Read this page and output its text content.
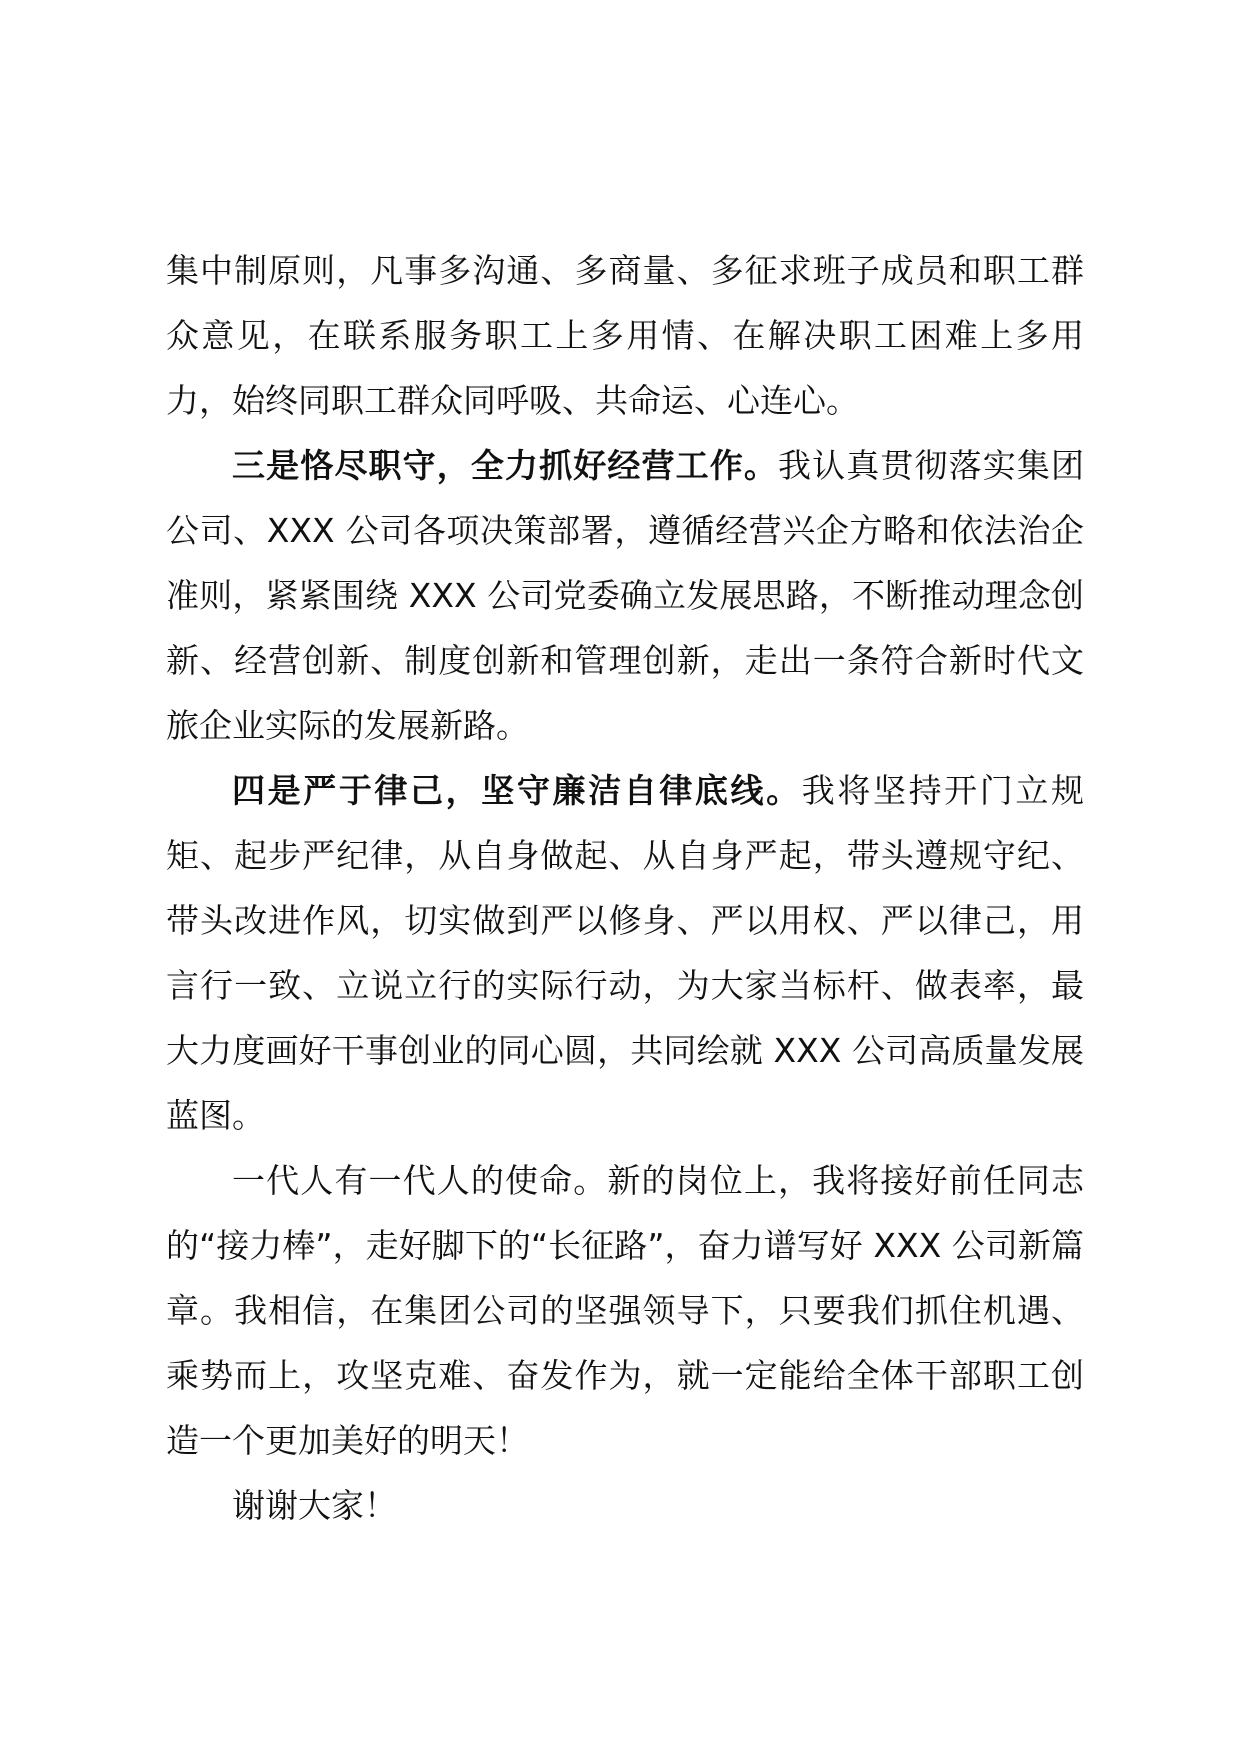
集中制原则，凡事多沟通、多商量、多征求班子成员和职工群众意见，在联系服务职工上多用情、在解决职工困难上多用力，始终同职工群众同呼吸、共命运、心连心。

三是恪尽职守，全力抓好经营工作。我认真贯彻落实集团公司、XXX 公司各项决策部署，遵循经营兴企方略和依法治企准则，紧紧围绕 XXX 公司党委确立发展思路，不断推动理念创新、经营创新、制度创新和管理创新，走出一条符合新时代文旅企业实际的发展新路。

四是严于律己，坚守廉洁自律底线。我将坚持开门立规矩、起步严纪律，从自身做起、从自身严起，带头遵规守纪、带头改进作风，切实做到严以修身、严以用权、严以律己，用言行一致、立说立行的实际行动，为大家当标杆、做表率，最大力度画好干事创业的同心圆，共同绘就 XXX 公司高质量发展蓝图。

一代人有一代人的使命。新的岗位上，我将接好前任同志的“接力棒”，走好脚下的“长征路”，奋力谱写好 XXX 公司新篇章。我相信，在集团公司的坚强领导下，只要我们抓住机遇、乘势而上，攻坚克难、奋发作为，就一定能给全体干部职工创造一个更加美好的明天！

谢谢大家！
